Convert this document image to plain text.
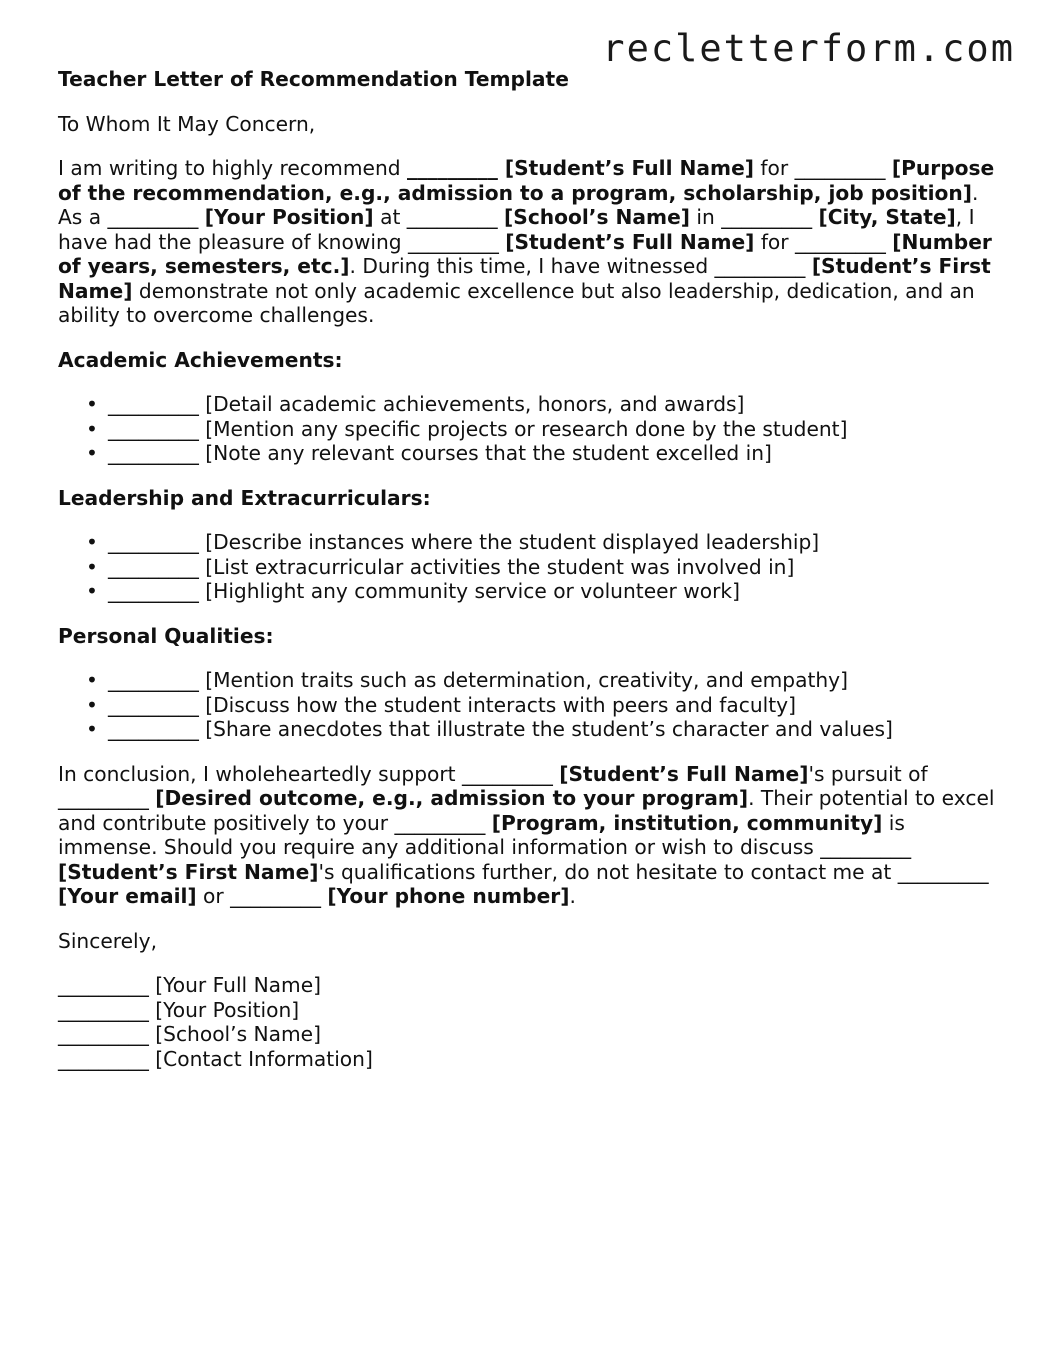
recletterform.com
Teacher Letter of Recommendation Template

To Whom It May Concern,

I am writing to highly recommend _________ [Student’s Full Name] for _________ [Purpose of the recommendation, e.g., admission to a program, scholarship, job position]. As a _________ [Your Position] at _________ [School’s Name] in _________ [City, State], I have had the pleasure of knowing _________ [Student’s Full Name] for _________ [Number of years, semesters, etc.]. During this time, I have witnessed _________ [Student’s First Name] demonstrate not only academic excellence but also leadership, dedication, and an ability to overcome challenges.

Academic Achievements:
• _________ [Detail academic achievements, honors, and awards]
• _________ [Mention any specific projects or research done by the student]
• _________ [Note any relevant courses that the student excelled in]
Leadership and Extracurriculars:
• _________ [Describe instances where the student displayed leadership]
• _________ [List extracurricular activities the student was involved in]
• _________ [Highlight any community service or volunteer work]
Personal Qualities:
• _________ [Mention traits such as determination, creativity, and empathy]
• _________ [Discuss how the student interacts with peers and faculty]
• _________ [Share anecdotes that illustrate the student’s character and values]

In conclusion, I wholeheartedly support _________ [Student’s Full Name]'s pursuit of _________ [Desired outcome, e.g., admission to your program]. Their potential to excel and contribute positively to your _________ [Program, institution, community] is immense. Should you require any additional information or wish to discuss _________ [Student’s First Name]'s qualifications further, do not hesitate to contact me at _________ [Your email] or _________ [Your phone number].

Sincerely,

_________ [Your Full Name]
_________ [Your Position]
_________ [School’s Name]
_________ [Contact Information]
